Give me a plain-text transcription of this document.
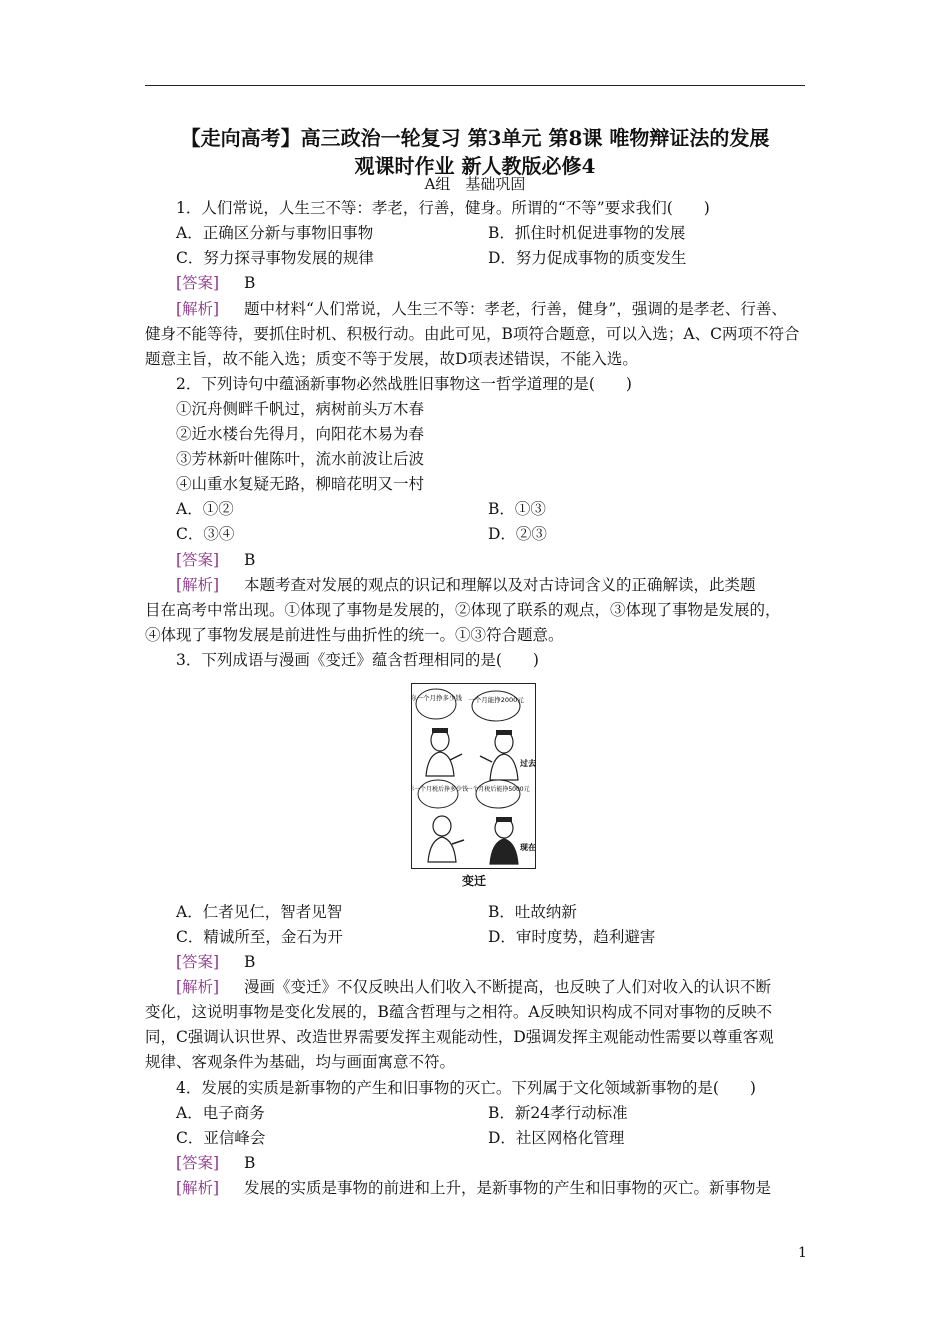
【走向高考】高三政治一轮复习 第3单元 第8课 唯物辩证法的发展
观课时作业 新人教版必修4
A组　基础巩固
1．人们常说，人生三不等：孝老，行善，健身。所谓的“不等”要求我们(　　)
A．正确区分新与事物旧事物	B．抓住时机促进事物的发展
C．努力探寻事物发展的规律	D．努力促成事物的质变发生
[答案] B
[解析] 题中材料“人们常说，人生三不等：孝老，行善，健身”，强调的是孝老、行善、
健身不能等待，要抓住时机、积极行动。由此可见，B项符合题意，可以入选；A、C两项不符合
题意主旨，故不能入选；质变不等于发展，故D项表述错误，不能入选。
2．下列诗句中蕴涵新事物必然战胜旧事物这一哲学道理的是(　　)
①沉舟侧畔千帆过，病树前头万木春
②近水楼台先得月，向阳花木易为春
③芳林新叶催陈叶，流水前波让后波
④山重水复疑无路，柳暗花明又一村
A．①②	B．①③
C．③④	D．②③
[答案] B
[解析] 本题考查对发展的观点的识记和理解以及对古诗词含义的正确解读，此类题
目在高考中常出现。①体现了事物是发展的，②体现了联系的观点，③体现了事物是发展的，
④体现了事物发展是前进性与曲折性的统一。①③符合题意。
3．下列成语与漫画《变迁》蕴含哲理相同的是(　　)
你一个月挣多少钱 一个月能挣2000元
过去
你一个月税后挣多少钱
一个月税后能挣5000元
现在
变迁
A．仁者见仁，智者见智	B．吐故纳新
C．精诚所至，金石为开	D．审时度势，趋利避害
[答案] B
[解析] 漫画《变迁》不仅反映出人们收入不断提高，也反映了人们对收入的认识不断
变化，这说明事物是变化发展的，B蕴含哲理与之相符。A反映知识构成不同对事物的反映不
同，C强调认识世界、改造世界需要发挥主观能动性，D强调发挥主观能动性需要以尊重客观
规律、客观条件为基础，均与画面寓意不符。
4．发展的实质是新事物的产生和旧事物的灭亡。下列属于文化领域新事物的是(　　)
A．电子商务	B．新24孝行动标准
C．亚信峰会	D．社区网格化管理
[答案] B
[解析] 发展的实质是事物的前进和上升，是新事物的产生和旧事物的灭亡。新事物是
1
